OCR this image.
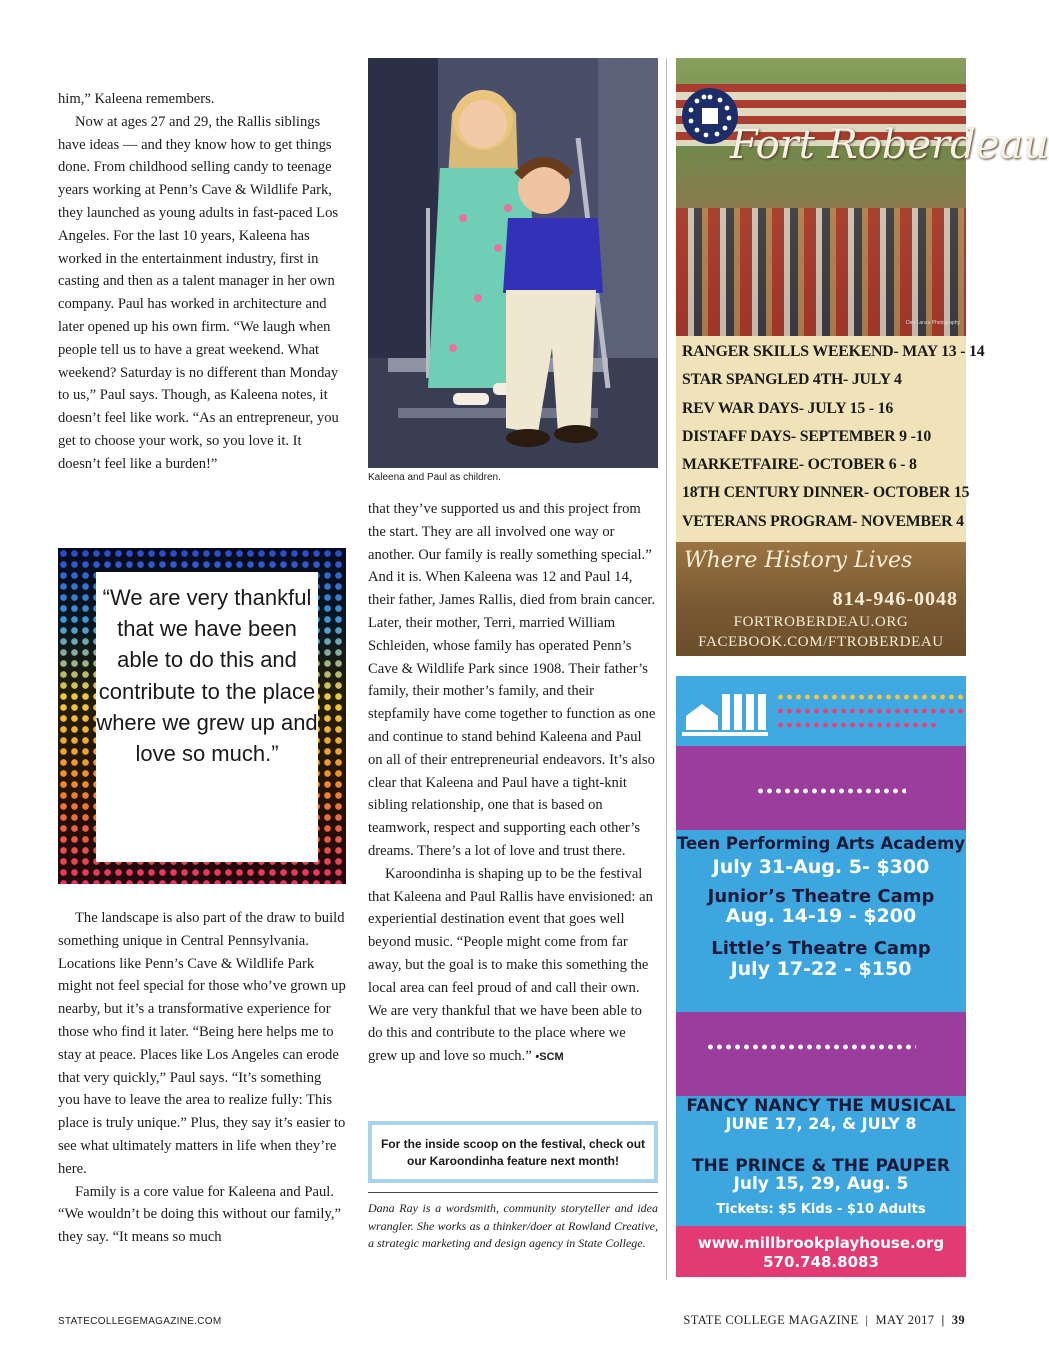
him,” Kaleena remembers.

Now at ages 27 and 29, the Rallis siblings have ideas — and they know how to get things done. From childhood selling candy to teenage years working at Penn’s Cave & Wildlife Park, they launched as young adults in fast-paced Los Angeles. For the last 10 years, Kaleena has worked in the entertainment industry, first in casting and then as a talent manager in her own company. Paul has worked in architecture and later opened up his own firm. “We laugh when people tell us to have a great weekend. What weekend? Saturday is no different than Monday to us,” Paul says. Though, as Kaleena notes, it doesn’t feel like work. “As an entrepreneur, you get to choose your work, so you love it. It doesn’t feel like a burden!”

“We are very thankful that we have been able to do this and contribute to the place where we grew up and love so much.”

The landscape is also part of the draw to build something unique in Central Pennsylvania. Locations like Penn’s Cave & Wildlife Park might not feel special for those who’ve grown up nearby, but it’s a transformative experience for those who find it later. “Being here helps me to stay at peace. Places like Los Angeles can erode that very quickly,” Paul says. “It’s something you have to leave the area to realize fully: This place is truly unique.” Plus, they say it’s easier to see what ultimately matters in life when they’re here.

Family is a core value for Kaleena and Paul. “We wouldn’t be doing this without our family,” they say. “It means so much

Kaleena and Paul as children.

that they’ve supported us and this project from the start. They are all involved one way or another. Our family is really something special.” And it is. When Kaleena was 12 and Paul 14, their father, James Rallis, died from brain cancer. Later, their mother, Terri, married William Schleiden, whose family has operated Penn’s Cave & Wildlife Park since 1908. Their father’s family, their mother’s family, and their stepfamily have come together to function as one and continue to stand behind Kaleena and Paul on all of their entrepreneurial endeavors. It’s also clear that Kaleena and Paul have a tight-knit sibling relationship, one that is based on teamwork, respect and supporting each other’s dreams. There’s a lot of love and trust there.

Karoondinha is shaping up to be the festival that Kaleena and Paul Rallis have envisioned: an experiential destination event that goes well beyond music. “People might come from far away, but the goal is to make this something the local area can feel proud of and call their own. We are very thankful that we have been able to do this and contribute to the place where we grew up and love so much.” •SCM

For the inside scoop on the festival, check out our Karoondinha feature next month!
Dana Ray is a wordsmith, community storyteller and idea wrangler. She works as a thinker/doer at Rowland Creative, a strategic marketing and design agency in State College.
Fort Roberdeau
Dan Lanza Photography
RANGER SKILLS WEEKEND- MAY 13 - 14
STAR SPANGLED 4TH- JULY 4
REV WAR DAYS- JULY 15 - 16
DISTAFF DAYS- SEPTEMBER 9 -10
MARKETFAIRE- OCTOBER 6 - 8
18TH CENTURY DINNER- OCTOBER 15
VETERANS PROGRAM- NOVEMBER 4
Where History Lives
814-946-0048
FORTROBERDEAU.ORG
FACEBOOK.COM/FTROBERDEAU
Teen Performing Arts Academy
July 31-Aug. 5- $300
Junior’s Theatre Camp
Aug. 14-19 - $200
Little’s Theatre Camp
July 17-22 - $150
FANCY NANCY THE MUSICAL
JUNE 17, 24, & JULY 8
THE PRINCE & THE PAUPER
July 15, 29, Aug. 5
Tickets: $5 Kids - $10 Adults
www.millbrookplayhouse.org
570.748.8083
STATECOLLEGEMAGAZINE.COM	STATE COLLEGE MAGAZINE  |  MAY 2017 | 39
